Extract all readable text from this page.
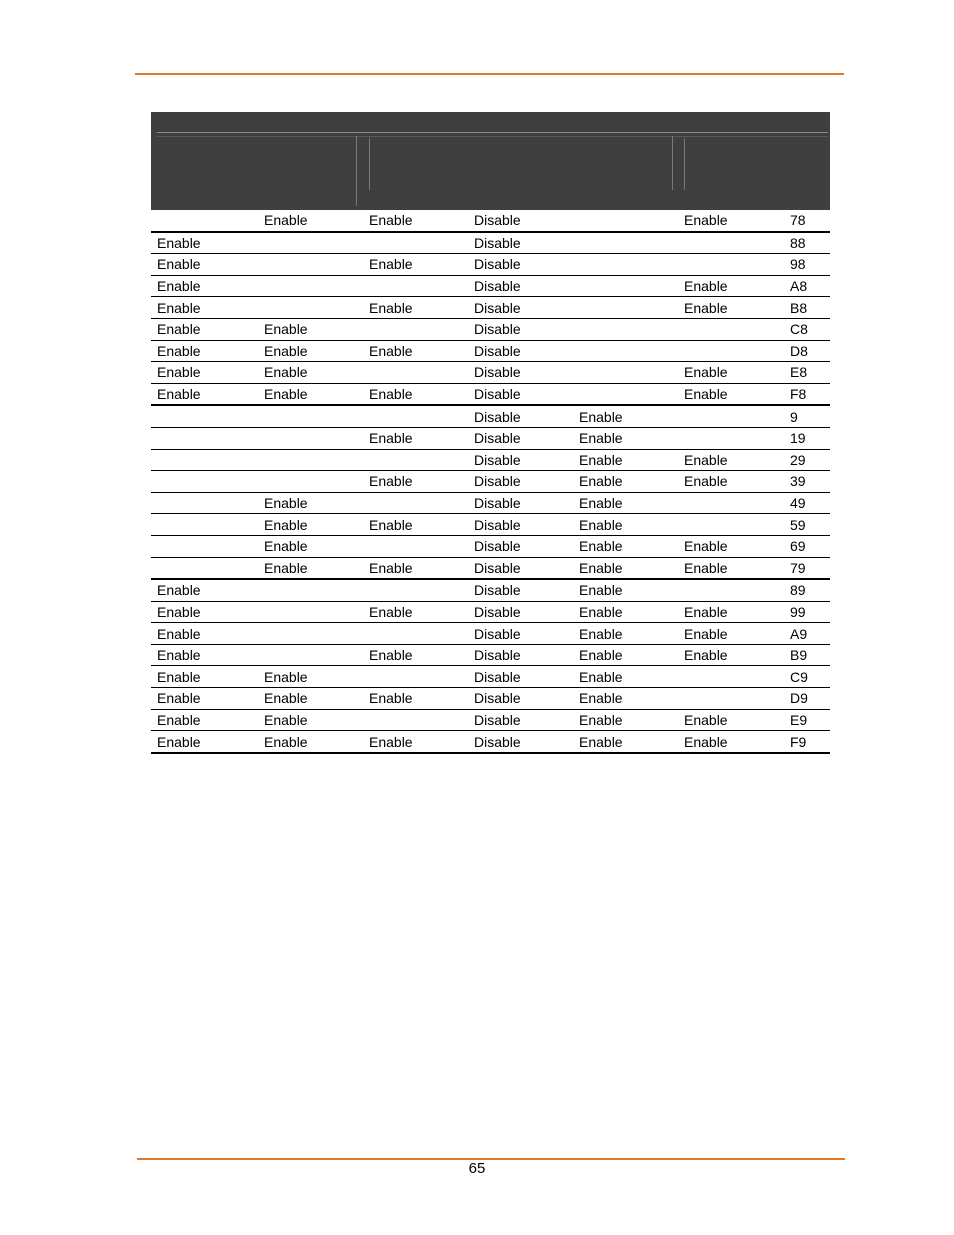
	Enable	Enable	Disable		Enable	78
Enable			Disable			88
Enable		Enable	Disable			98
Enable			Disable		Enable	A8
Enable		Enable	Disable		Enable	B8
Enable	Enable		Disable			C8
Enable	Enable	Enable	Disable			D8
Enable	Enable		Disable		Enable	E8
Enable	Enable	Enable	Disable		Enable	F8
			Disable	Enable		9
		Enable	Disable	Enable		19
			Disable	Enable	Enable	29
		Enable	Disable	Enable	Enable	39
	Enable		Disable	Enable		49
	Enable	Enable	Disable	Enable		59
	Enable		Disable	Enable	Enable	69
	Enable	Enable	Disable	Enable	Enable	79
Enable			Disable	Enable		89
Enable		Enable	Disable	Enable	Enable	99
Enable			Disable	Enable	Enable	A9
Enable		Enable	Disable	Enable	Enable	B9
Enable	Enable		Disable	Enable		C9
Enable	Enable	Enable	Disable	Enable		D9
Enable	Enable		Disable	Enable	Enable	E9
Enable	Enable	Enable	Disable	Enable	Enable	F9
65
